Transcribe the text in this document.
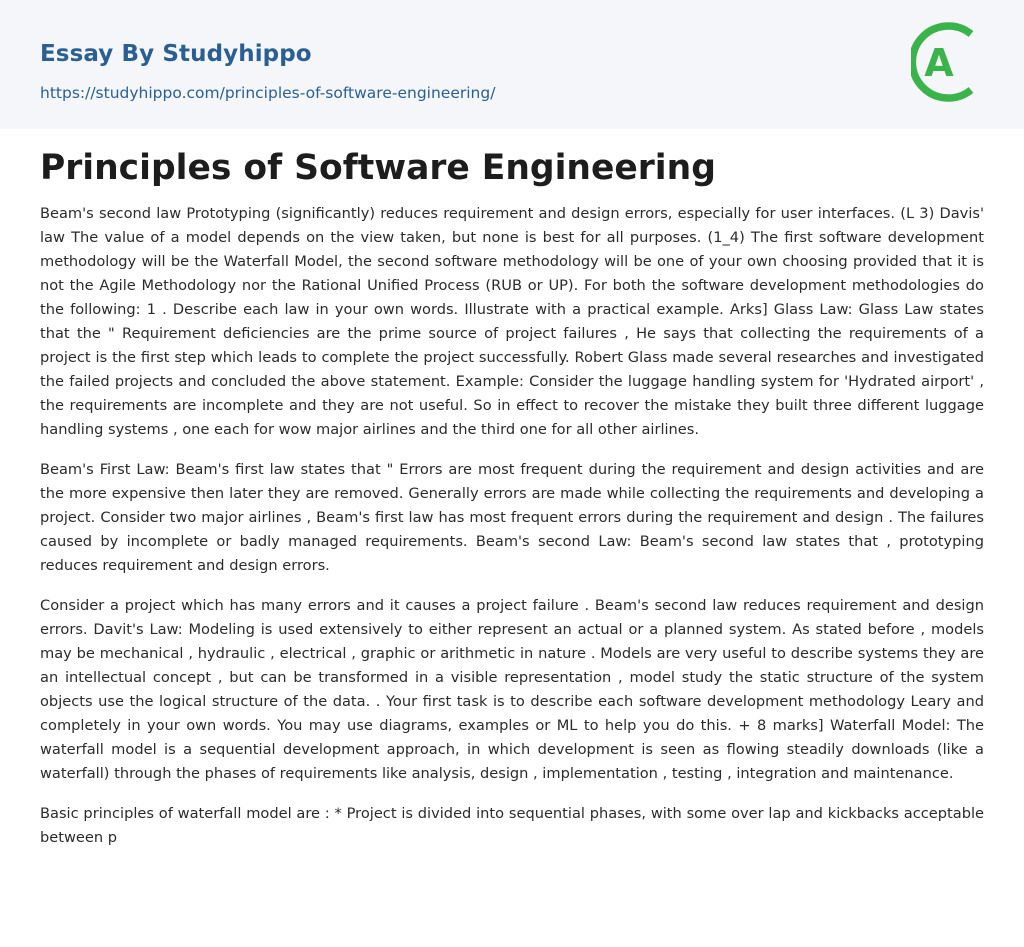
Essay By Studyhippo
https://studyhippo.com/principles-of-software-engineering/
A
Principles of Software Engineering

Beam's second law Prototyping (significantly) reduces requirement and design errors, especially for user interfaces. (L 3) Davis' law The value of a model depends on the view taken, but none is best for all purposes. (1_4) The first software development methodology will be the Waterfall Model, the second software methodology will be one of your own choosing provided that it is not the Agile Methodology nor the Rational Unified Process (RUB or UP). For both the software development methodologies do the following: 1 . Describe each law in your own words. Illustrate with a practical example. Arks] Glass Law: Glass Law states that the " Requirement deficiencies are the prime source of project failures , He says that collecting the requirements of a project is the first step which leads to complete the project successfully. Robert Glass made several researches and investigated the failed projects and concluded the above statement. Example: Consider the luggage handling system for 'Hydrated airport' , the requirements are incomplete and they are not useful. So in effect to recover the mistake they built three different luggage handling systems , one each for wow major airlines and the third one for all other airlines.

Beam's First Law: Beam's first law states that " Errors are most frequent during the requirement and design activities and are the more expensive then later they are removed. Generally errors are made while collecting the requirements and developing a project. Consider two major airlines , Beam's first law has most frequent errors during the requirement and design . The failures caused by incomplete or badly managed requirements. Beam's second Law: Beam's second law states that , prototyping reduces requirement and design errors.

Consider a project which has many errors and it causes a project failure . Beam's second law reduces requirement and design errors. Davit's Law: Modeling is used extensively to either represent an actual or a planned system. As stated before , models may be mechanical , hydraulic , electrical , graphic or arithmetic in nature . Models are very useful to describe systems they are an intellectual concept , but can be transformed in a visible representation , model study the static structure of the system objects use the logical structure of the data. . Your first task is to describe each software development methodology Leary and completely in your own words. You may use diagrams, examples or ML to help you do this. + 8 marks] Waterfall Model: The waterfall model is a sequential development approach, in which development is seen as flowing steadily downloads (like a waterfall) through the phases of requirements like analysis, design , implementation , testing , integration and maintenance.

Basic principles of waterfall model are : * Project is divided into sequential phases, with some over lap and kickbacks acceptable between p
